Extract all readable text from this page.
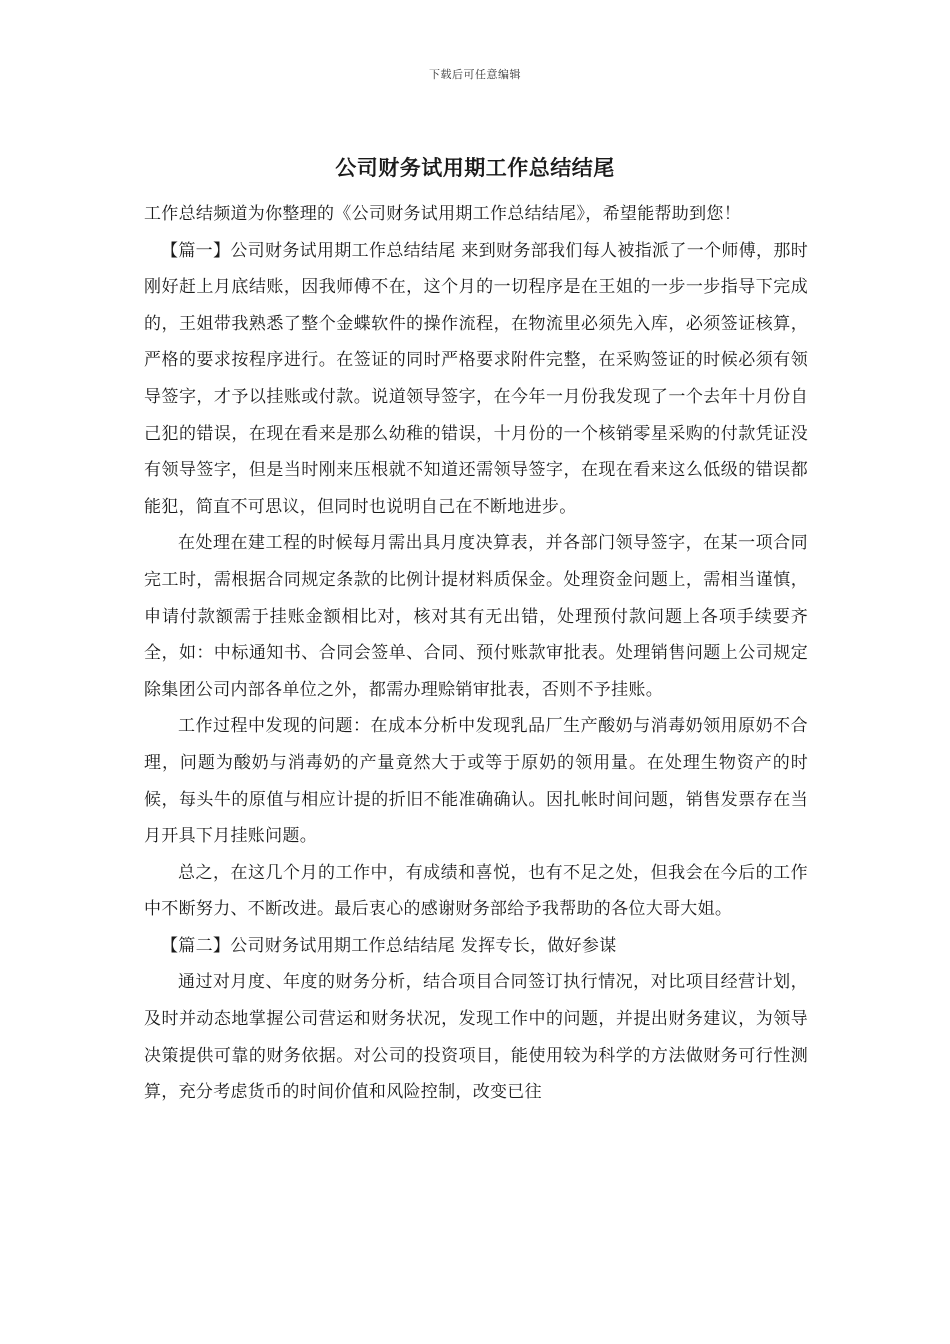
下载后可任意编辑
公司财务试用期工作总结结尾

工作总结频道为你整理的《公司财务试用期工作总结结尾》，希望能帮助到您！

【篇一】公司财务试用期工作总结结尾 来到财务部我们每人被指派了一个师傅，那时刚好赶上月底结账，因我师傅不在，这个月的一切程序是在王姐的一步一步指导下完成的，王姐带我熟悉了整个金蝶软件的操作流程，在物流里必须先入库，必须签证核算，严格的要求按程序进行。在签证的同时严格要求附件完整，在采购签证的时候必须有领导签字，才予以挂账或付款。说道领导签字，在今年一月份我发现了一个去年十月份自己犯的错误，在现在看来是那么幼稚的错误，十月份的一个核销零星采购的付款凭证没有领导签字，但是当时刚来压根就不知道还需领导签字，在现在看来这么低级的错误都能犯，简直不可思议，但同时也说明自己在不断地进步。

在处理在建工程的时候每月需出具月度决算表，并各部门领导签字，在某一项合同完工时，需根据合同规定条款的比例计提材料质保金。处理资金问题上，需相当谨慎，申请付款额需于挂账金额相比对，核对其有无出错，处理预付款问题上各项手续要齐全，如：中标通知书、合同会签单、合同、预付账款审批表。处理销售问题上公司规定除集团公司内部各单位之外，都需办理赊销审批表，否则不予挂账。

工作过程中发现的问题：在成本分析中发现乳品厂生产酸奶与消毒奶领用原奶不合理，问题为酸奶与消毒奶的产量竟然大于或等于原奶的领用量。在处理生物资产的时候，每头牛的原值与相应计提的折旧不能准确确认。因扎帐时间问题，销售发票存在当月开具下月挂账问题。

总之，在这几个月的工作中，有成绩和喜悦，也有不足之处，但我会在今后的工作中不断努力、不断改进。最后衷心的感谢财务部给予我帮助的各位大哥大姐。

【篇二】公司财务试用期工作总结结尾 发挥专长，做好参谋

通过对月度、年度的财务分析，结合项目合同签订执行情况，对比项目经营计划，及时并动态地掌握公司营运和财务状况，发现工作中的问题，并提出财务建议，为领导决策提供可靠的财务依据。对公司的投资项目，能使用较为科学的方法做财务可行性测算，充分考虑货币的时间价值和风险控制，改变已往
